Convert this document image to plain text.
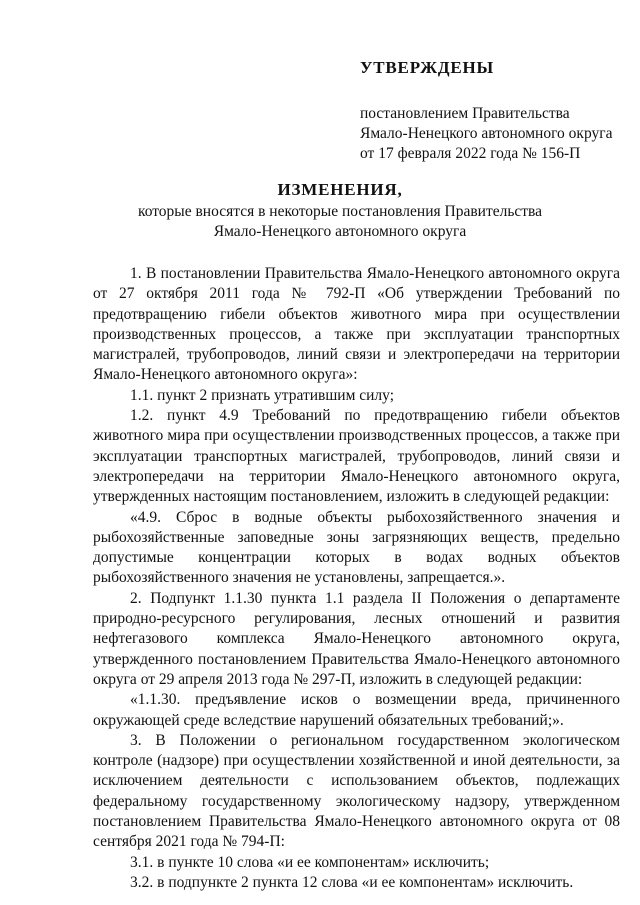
УТВЕРЖДЕНЫ

постановлением Правительства

Ямало-Ненецкого автономного округа

от 17 февраля 2022 года № 156-П

ИЗМЕНЕНИЯ,

которые вносятся в некоторые постановления Правительства

Ямало-Ненецкого автономного округа

1. В постановлении Правительства Ямало-Ненецкого автономного округа от 27 октября 2011 года № 792-П «Об утверждении Требований по предотвращению гибели объектов животного мира при осуществлении производственных процессов, а также при эксплуатации транспортных магистралей, трубопроводов, линий связи и электропередачи на территории Ямало-Ненецкого автономного округа»:

1.1. пункт 2 признать утратившим силу;

1.2. пункт 4.9 Требований по предотвращению гибели объектов животного мира при осуществлении производственных процессов, а также при эксплуатации транспортных магистралей, трубопроводов, линий связи и электропередачи на территории Ямало-Ненецкого автономного округа, утвержденных настоящим постановлением, изложить в следующей редакции:

«4.9. Сброс в водные объекты рыбохозяйственного значения и рыбохозяйственные заповедные зоны загрязняющих веществ, предельно допустимые концентрации которых в водах водных объектов рыбохозяйственного значения не установлены, запрещается.».

2. Подпункт 1.1.30 пункта 1.1 раздела II Положения о департаменте природно-ресурсного регулирования, лесных отношений и развития нефтегазового комплекса Ямало-Ненецкого автономного округа, утвержденного постановлением Правительства Ямало-Ненецкого автономного округа от 29 апреля 2013 года № 297-П, изложить в следующей редакции:

«1.1.30. предъявление исков о возмещении вреда, причиненного окружающей среде вследствие нарушений обязательных требований;».

3. В Положении о региональном государственном экологическом контроле (надзоре) при осуществлении хозяйственной и иной деятельности, за исключением деятельности с использованием объектов, подлежащих федеральному государственному экологическому надзору, утвержденном постановлением Правительства Ямало-Ненецкого автономного округа от 08 сентября 2021 года № 794-П:

3.1. в пункте 10 слова «и ее компонентам» исключить;

3.2. в подпункте 2 пункта 12 слова «и ее компонентам» исключить.
